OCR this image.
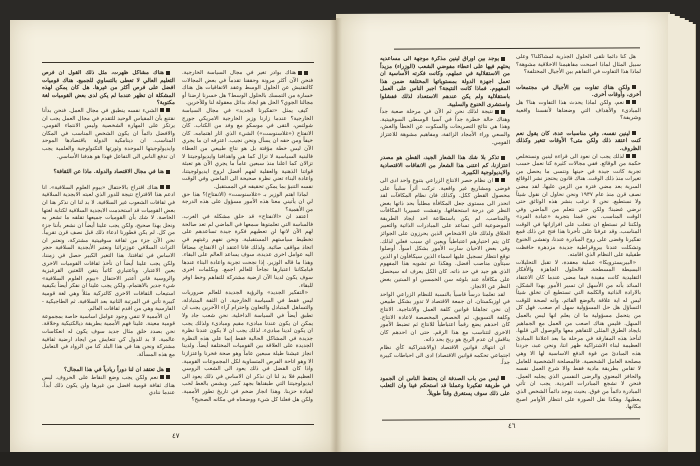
هناك بوادر تغير في مجال السياسة الخارجية. فنحن الآن أكثر مرونة وحققنا تقدماً في بعض المجالات كالتفتيش عن الحلول الوسط وعقد الاتفاقيات هل هناك خسارة من التمسك بالحلول الوسط؟ هل خسرنا ارضنا أو مجالنا الجوي؟ الحل هو ايجاد بدائل معقولة لنا وللآخرين.

كيف يمثل «تفكيرنا الجديد» في مجال السياسة الخارجية؟ عندما زارنا وزير الخارجية الامريكي جورج شولتس، التقى في موسكو مع وفد من الكتاب. كان الانفتاح («غلاسنوست») الشيء الذي اثار اهتمامه. كان خيفاً ومن حقه ان يسأل ونحن نجيب. اعترفه ان ما يجري الآن ليس خطة مؤقتة بل هو نتاج طبيعي من العطاء فالبنية السياسية لا تزال كما هي واهدافنا وايديولوجيتنا لا تزالان كما اعلنا منذ سبعين عاماً ما يجري الآن هو تعبئة قواتنا الذهنية والعقلية لفهم أفضل لروح ايديولوجيتنا، واعادة البناء تعني نظرة صحيحة الى الماضي وفي الوقت نفسه التنبؤ بما يمكن تحقيقه في المستقبل.

لماذا اهتم الوزير بـ «غلاسنوست» (الانفتاح)؟ هذا حق لي ان يأتيني معنا هذه الأمور مسؤول على هذه الدرجة من الأهمية؟

اعتقد ان «الانفتاح» قد خلق مشكلة في الغرب. فالساسة التي تعلمتوها سمعها في الماضي لم تعد صالحة لهم الآن لانها لن تعطيهم فكرة جيدة تساعدهم على تخطيط سياستهم المستقبلية. ونحن نفهم رغبتهم في اتخاذ مواقف صائبة. ولذلك فانا اعتقد ان الانفتاح، مضافاً اليه عوامل اخرى عديدة، سوف يساعد العالم على البقاء. وهذا ما قاله الوزير. إذا نجحت تجربة واعادة البناء عندها فبامكاننا اعتبارها نجاحاً للعالم اجمع. وبكلمات اخرى سوف يكون لدينا الآن ارضية مشتركة للتفاهم وخط اوفر للبقاء.

«التفكير الجديد» والرؤية الجديدة للعالم ضروريات ليس فقط في السياسة الخارجية. ان الثقة المتبادلة، والتساهل المتبادل والتعاون واحترام آراء الآخرين يجب ان تطبق أيضاً في السياسة الداخلية. نحن شعب جاد ولا يمكن ان يكون عندنا مبادىء مقيم ومبادىء ولذلك يجب ان يكون لدينا مبادىء. لذلك يجب ان لا يكون عندنا نظرة جديدة في المشاكل الحالية فقط إنما علي هذه النظرة الجديدة على العلاقة بين القوميات المختلفة أيضاً. ولدينا انجاز عيشنا طيلة سبعين عاماً وهو صحة فخرنا واعتزازنا الا وهو اتاحة الفرص المتساوية لكل المجموعات القومية. واذا كان الفضل في ذلك يعود الى الشعب الروسي العظيم فلا بد لنا ان نذكر ان الاساس في ذلك يعود الى ايديولوجيتنا التي طبقناها بجهد كبير. وبشس بالغط لحب لقيادة حزبنا. وهذا انجاز ضخم في تاريخ تطور الأممية. ولكن هل فعلنا كل شيء ووضعناه في مكانه الصحيح؟

هناك مشاكل ظهرت، مثل ذلك القول ان فرص التعليم العالي لا تعطى بالتساوي للجميع. هناك قوميات افضل على فرص أكثر من غيرها. هل كان يمكن لهذه المشكلة ان تظهر عندما لم يكن لدى بعض القوميات لغة مكتوبة؟

الشيء نفسه ينطبق في مجال العمل. فنحن بدأنا نقتنع بأن المقياس الوحيد للتقدم في مجال العمل يجب ان يرتكز على المهارة الشخصية وليس الانتماء القومي. والافضل دائماً ان يكون الشخص المناسب في المكان المناسب. ان دينامكية الدولة باقتصادها الموحد وايديولوجيتها الموحدة وثورتها التكنولوجية والعلمية يجب ان تدفع الناس الى التفاعل فهذا هو هدفنا الأساسي.

هنا في مجال الاقتصاد والدولة. ماذا عن الثقافة؟

هناك اقتراح بالاحتفال «بيوم العلوم السلافية». انا ادعم هذا الاقتراح نتيجة للدور الذي لعبته الابجدية السلافية في ثقافات الشعوب غير السلافية. لا بد لنا ان نذكر هنا ان بعض القوميات قد استخدمت الابجدية السلافية لكتابة لغتها الخاصة. لا شك بأن القوميات جميعها تقلقه ما تشعر به ونحل بهذا صحيح، ولكن يجب علينا أيضاً ان نشعر بأننا جزء من كل. لم يكن فطورنا ادعاء ذلك قبل نصف قرن تقريباً. نحن الآن جزء من ثقافة سوفييتية مشتركة، ونعتبر ان التراث السلافي عوزتراثنا ونعتبر الأبجدية السلافية حجر الاساس في ثقافتنا. هذا التغير الكبير حصل في زمننا، ولكن يجب علينا أيضاً ان نأخذ ثقافات القوميات الاخرى بعين الاعتبار. وباعتباري كاتباً يتقن اللغتين القرغيزية والروسية فاني أعتبر الاحتفال «بيوم العلوم السلافية» شيء جدير بالاهتمام. ولكن يجب علينا ان نفكر أيضاً بكيفية استيعاب الثقافات الاخرى كالتركية مثلاً وهي لغة قومية كبيرة تأتي في المرتبة الثانية بعد السلافية. ثم الطاجيكية - الفارسية وهي من اقدم ثقافات العالم.

ان الأممية لا تنفي وجود عوامل اساسية خاصة بمجموعة قومية معينة. علينا فهم الأممية بطريقة ديالكتيكية وخلاقة. نحن بصدد خلق مثال جديد سوف يكون له انعكاسات عالمية. لا بد للدول كي تتعايش من ايجاد ارضية ثقافية مشتركة ونحن هنا في هذا البلد كنا من الرواد في التعامل مع هذه المسألة.

هل تعتقد ان لنا دوراً ريادياً في هذا المجال؟

نعم ولكن يجب وضع النقاط على الحروف. ليس هناك ثقافة قومية افضل من غيرها ولن يكون ذلك أبداً. عندما ننادي

هل كنا دائماً نلقى الحلول الجذرية لمشاكلنا؟ وعلى سبيل المثال لماذا اصبحت مفاهيمنا الاخلاقية مشوهة؟ لماذا هذا التفاوت في التفاهم بين الأجيال المختلفة؟

ولكن هناك تفاوت بين الأجيال في مجتمعات أخرى، وأوقات أخرى.

نعم، ولكن لماذا يحدث هذا التفاوت هنا؟ هل المبادىء والأهداف التي وضعناها لأنفسنا واقعية وشريفة؟

لينين نفسه، وفي مناسبات عدة، كان يقول نعم كنت اعتقد ذلك ولكن متى؟ الأوقات تتغير وكذلك الظروف.

لذلك يجب ان نعود الى قراءة لينين ونستخلص حكمة من الوقائع. ففي مجالات كثيرة كنا نعمل حسب تجربة كانت جيدة في حينها ونتسى ما يحصل من تغيرات منذ ذلك الوقت. هناك قانون يحتجز نشر الوقائع السرية بعد مضي فترة من الزمن عليها. لقد مضى نصف قرن منذ عام ١٩٣٧ ونحن نحاول ان نقول شيئاً ولا نستطيع. نحن لا نرغب بنشر هذه الوثائق حتى نرضي غضبنا؛ ولكن حتى نتعلم من الماضي وفي الوقت المناسب. نحن قمنا بتجربة «عبادة الفرد» ولكننا لم نستطع ان نتغلب على افرازاتها في الوقت المناسب. وقد عرفنا على تأخرنا هذا فتح عن ذلك قمع تفكيرنا وقضى على روح المبادرة عندنا، وتفشى الخنوع وتشكلت عندنا بيروقراطية جديدة مزدهرة حافظت طفيلية على النظام الذي اقامته.

«البيريسترويكا» عملية معقدة، لا تقبل التحليلات البسيطة المسطحة. فالحلول الجاهزة والأفكار التقليدية كانت مفيدة فيما مضى عندما كان الاعتقاد السائد بأنه من الأسهل ان تسير الأمور بهذا الشكل، بالارادة الذاتية والكلمة التي تستطيع ان تخلق شيئاً ليس له اية علاقة بالوضع القائم. وانه لصحة للوقت التساؤل هل حل المسؤولية سهل ام صعب. فهل كل من يتحمل مسؤولية ما ان يعلم انها ليس بالعمل السهل. فليس هناك اصعب من العمل مع الجماهير بايجاد الطرق المثلى للتفاهم معها والوصول الى قلبها. لنأخذ هذه المفارقة في مرحلة ما بعد اعلاننا المبادئ العظيمة لبناء الاشتراكية ظهر انتا، ونحن عبد، جردنا هذه المبادئ من قوة الدفع الاساسية لها الا وهي مصلحة العامل الشخصية. فالمصلحة الشخصية للعامل لا تقاس بطريقة مادية فقط والا شرع العمل نفسه والحافز المعنوي والرضى النفسي الذي يجلبه العمل. فنحن لا نشجع المبادرات الفردية. يجب ان تأتي المبادرة دائماً من فوق. بحيث يوجد دائماً الشخص الذي يعطيها. وهكذا نقل الصورة على انتظار الأوامر اصبح مكانها.

يوجد بين أوراق لينين مذكرة موجهة الى مساعديه يحثهم فيها على اعطاء مفوضي الشعب (الوزراء) مزيداً من الاستقلالية في عملهم، وكانت فكرته الأساسية ان تعمل اجهزة الدولة بمستوياتها المختلفة ضمن هذا المفهوم. فماذا كانت النتيجة؟ اجبر الناس على العمل باستقلالية ولم يكن عندهم الاستعداد لذلك ففشلوا واستشرى الخنوع والسلبية.

نتيجة لذلك نحن ثم الآن في مرحلة صعبة جداً وهناك حالة خطرة جداً في آسيا الوسطى السوفييتية. وهذا هي نتائج التصريحات والسكوت عن الخطأ والغش، والسعي وراء الأمجاد الزائفة، ومفاهيم مشوهة للاعتزاز القومي.

تذكر بلا شك هذا الشعار الجيد، القطن هو مصدر اعتزازنا، كم اعتنى هذا الشعار من الانفاقات الاقتصادية والايديولوجية الكبيرة.

ان نظام حصر الانتاج الزراعي بتنوع واحد ادى الى فوضى ومشاريع غير واقعية. تركت أثراً سلبياً على محصول القطن ككل. وكذلك فان نظام المكافآت لقد انحدر الى مستوى جعل المكافأة مطلباً بحد ذاتها بغض النظر عن درجة استحقاقها. وتفشت عسيريا المكافآت والمناصب. لم يكن باستطاعة احد ايجاد الطريقة الموضوعية التي تساعد على المبادرات الذاتية والتعبير الخلاق ولذلك فان الاشخاص الذين يحرزون على الجوائز كان يتم اختيارهم اعتباطياً ويعين اي سبب فعلي لذلك. وفي بعض الاحيان سارت الأمور بشكل اسوأ. أوصلوا توقع انتظار تسجيل عليها اسماء الذين سيكافأون او الذين سيتأون مناصب أفضل. وهكذا تم تشويه هذا المفهوم الذي هو جيد في حد ذاته. كان الكل يعرف انه سيحصل على مكافأة عند بلوغه سن الخمسين او الستين بغض النظر عن الانجاز.

لقد تعلمنا درساً قاسياً بالنسبة للنظام الزراعي الواحد في اوزبكستان. ان جمعة الاقتصاد لا تدور بشكل طبيعي إن نحن تجاهلنا قوانين كلفة العمل والانتاجية. الانتاج وكلفة التسويق. ثم الحصص المخصصة لاعادة الانتاج. كان احدهم يضع رقماً اعتباطياً للانتاج ثم تضبط الأمور الاخرى لتتناسب مع هذا الرقم. حتى ان احدهم كان يناقش ان عدم الربح هو ربح بحد ذاته.

ان انتهاك قوانين الاقتصاد (والاشتراكية كأي نظام اجتماعي تحكمه قوانين الاقتصاد) ادى الى احباطات كبيرة جداً.

ليس من باب الصدفة ان يحتفظ الناس ان الجمود في طريقة تفكيرنا وعملنا قد استحكم فينا وان التغلب على ذلك سوف يستغرق وقتاً طويلاً.

٤٧
٤٦
